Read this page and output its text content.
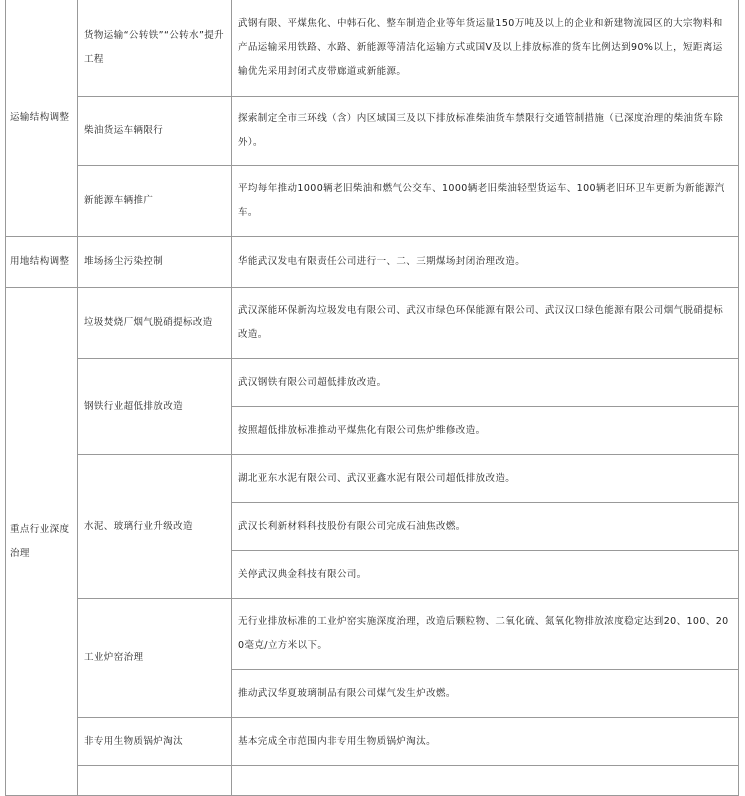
运输结构调整	货物运输“公转铁”“公转水”提升工程	武钢有限、平煤焦化、中韩石化、整车制造企业等年货运量150万吨及以上的企业和新建物流园区的大宗物料和产品运输采用铁路、水路、新能源等清洁化运输方式或国Ⅴ及以上排放标准的货车比例达到90%以上，短距离运输优先采用封闭式皮带廊道或新能源。
	柴油货运车辆限行	探索制定全市三环线（含）内区域国三及以下排放标准柴油货车禁限行交通管制措施（已深度治理的柴油货车除外）。
	新能源车辆推广	平均每年推动1000辆老旧柴油和燃气公交车、1000辆老旧柴油轻型货运车、100辆老旧环卫车更新为新能源汽车。
用地结构调整	堆场扬尘污染控制	华能武汉发电有限责任公司进行一、二、三期煤场封闭治理改造。
重点行业深度治理	垃圾焚烧厂烟气脱硝提标改造	武汉深能环保新沟垃圾发电有限公司、武汉市绿色环保能源有限公司、武汉汉口绿色能源有限公司烟气脱硝提标改造。
	钢铁行业超低排放改造	武汉钢铁有限公司超低排放改造。
		按照超低排放标准推动平煤焦化有限公司焦炉维修改造。
	水泥、玻璃行业升级改造	湖北亚东水泥有限公司、武汉亚鑫水泥有限公司超低排放改造。
		武汉长利新材料科技股份有限公司完成石油焦改燃。
		关停武汉典金科技有限公司。
	工业炉窑治理	无行业排放标准的工业炉窑实施深度治理，改造后颗粒物、二氧化硫、氮氧化物排放浓度稳定达到20、100、200毫克/立方米以下。
		推动武汉华夏玻璃制品有限公司煤气发生炉改燃。
	非专用生物质锅炉淘汰	基本完成全市范围内非专用生物质锅炉淘汰。
